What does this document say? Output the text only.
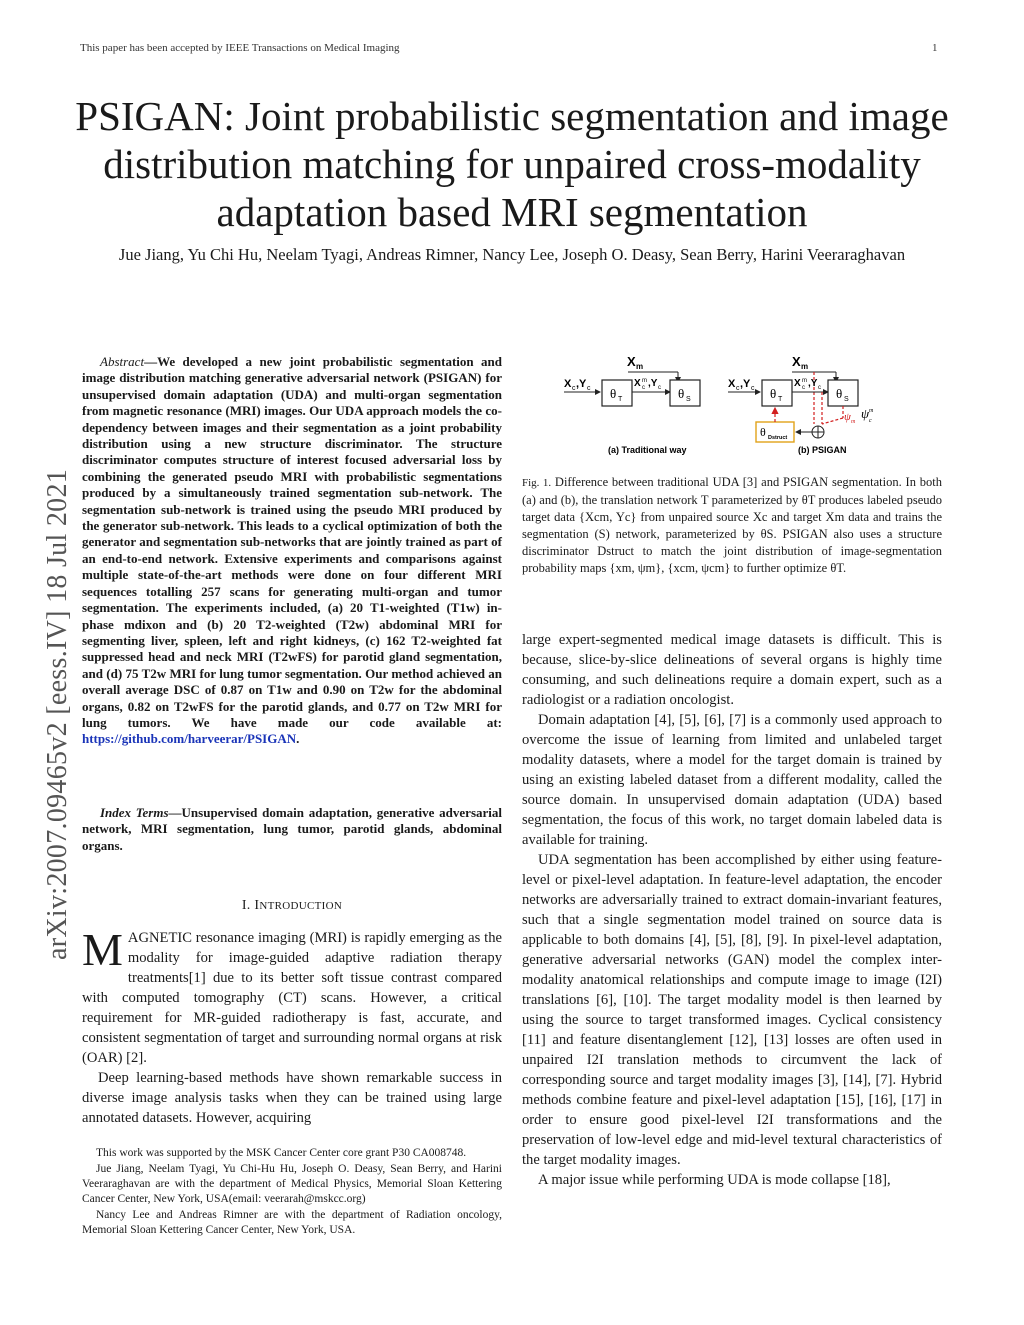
This paper has been accepted by IEEE Transactions on Medical Imaging	1
PSIGAN: Joint probabilistic segmentation and image distribution matching for unpaired cross-modality adaptation based MRI segmentation
Jue Jiang, Yu Chi Hu, Neelam Tyagi, Andreas Rimner, Nancy Lee, Joseph O. Deasy, Sean Berry, Harini Veeraraghavan
arXiv:2007.09465v2 [eess.IV] 18 Jul 2021
Abstract—We developed a new joint probabilistic segmentation and image distribution matching generative adversarial network (PSIGAN) for unsupervised domain adaptation (UDA) and multi-organ segmentation from magnetic resonance (MRI) images. Our UDA approach models the co-dependency between images and their segmentation as a joint probability distribution using a new structure discriminator. The structure discriminator computes structure of interest focused adversarial loss by combining the generated pseudo MRI with probabilistic segmentations produced by a simultaneously trained segmentation sub-network. The segmentation sub-network is trained using the pseudo MRI produced by the generator sub-network. This leads to a cyclical optimization of both the generator and segmentation sub-networks that are jointly trained as part of an end-to-end network. Extensive experiments and comparisons against multiple state-of-the-art methods were done on four different MRI sequences totalling 257 scans for generating multi-organ and tumor segmentation. The experiments included, (a) 20 T1-weighted (T1w) in-phase mdixon and (b) 20 T2-weighted (T2w) abdominal MRI for segmenting liver, spleen, left and right kidneys, (c) 162 T2-weighted fat suppressed head and neck MRI (T2wFS) for parotid gland segmentation, and (d) 75 T2w MRI for lung tumor segmentation. Our method achieved an overall average DSC of 0.87 on T1w and 0.90 on T2w for the abdominal organs, 0.82 on T2wFS for the parotid glands, and 0.77 on T2w MRI for lung tumors. We have made our code available at: https://github.com/harveerar/PSIGAN.
Index Terms—Unsupervised domain adaptation, generative adversarial network, MRI segmentation, lung tumor, parotid glands, abdominal organs.
I. INTRODUCTION
MAGNETIC resonance imaging (MRI) is rapidly emerging as the modality for image-guided adaptive radiation therapy treatments[1] due to its better soft tissue contrast compared with computed tomography (CT) scans. However, a critical requirement for MR-guided radiotherapy is fast, accurate, and consistent segmentation of target and surrounding normal organs at risk (OAR) [2].
Deep learning-based methods have shown remarkable success in diverse image analysis tasks when they can be trained using large annotated datasets. However, acquiring

This work was supported by the MSK Cancer Center core grant P30 CA008748.

Jue Jiang, Neelam Tyagi, Yu Chi-Hu Hu, Joseph O. Deasy, Sean Berry, and Harini Veeraraghavan are with the department of Medical Physics, Memorial Sloan Kettering Cancer Center, New York, USA(email: veerarah@mskcc.org)

Nancy Lee and Andreas Rimner are with the department of Radiation oncology, Memorial Sloan Kettering Cancer Center, New York, USA.

X m
X c ,Y c θ T
X m
c ,Y c θ S
(a) Traditional way
X m
X c ,Y c θ T
X m
c ,Y c θ S
ψ m
ψ m
c
θ Dstruct
(b) PSIGAN
Fig. 1. Difference between traditional UDA [3] and PSIGAN segmentation. In both (a) and (b), the translation network T parameterized by θT produces labeled pseudo target data {Xcm, Yc} from unpaired source Xc and target Xm data and trains the segmentation (S) network, parameterized by θS. PSIGAN also uses a structure discriminator Dstruct to match the joint distribution of image-segmentation probability maps {xm, ψm}, {xcm, ψcm} to further optimize θT.

large expert-segmented medical image datasets is difficult. This is because, slice-by-slice delineations of several organs is highly time consuming, and such delineations require a domain expert, such as a radiologist or a radiation oncologist.

Domain adaptation [4], [5], [6], [7] is a commonly used approach to overcome the issue of learning from limited and unlabeled target modality datasets, where a model for the target domain is trained by using an existing labeled dataset from a different modality, called the source domain. In unsupervised domain adaptation (UDA) based segmentation, the focus of this work, no target domain labeled data is available for training.

UDA segmentation has been accomplished by either using feature-level or pixel-level adaptation. In feature-level adaptation, the encoder networks are adversarially trained to extract domain-invariant features, such that a single segmentation model trained on source data is applicable to both domains [4], [5], [8], [9]. In pixel-level adaptation, generative adversarial networks (GAN) model the complex inter-modality anatomical relationships and compute image to image (I2I) translations [6], [10]. The target modality model is then learned by using the source to target transformed images. Cyclical consistency [11] and feature disentanglement [12], [13] losses are often used in unpaired I2I translation methods to circumvent the lack of corresponding source and target modality images [3], [14], [7]. Hybrid methods combine feature and pixel-level adaptation [15], [16], [17] in order to ensure good pixel-level I2I transformations and the preservation of low-level edge and mid-level textural characteristics of the target modality images.

A major issue while performing UDA is mode collapse [18],
